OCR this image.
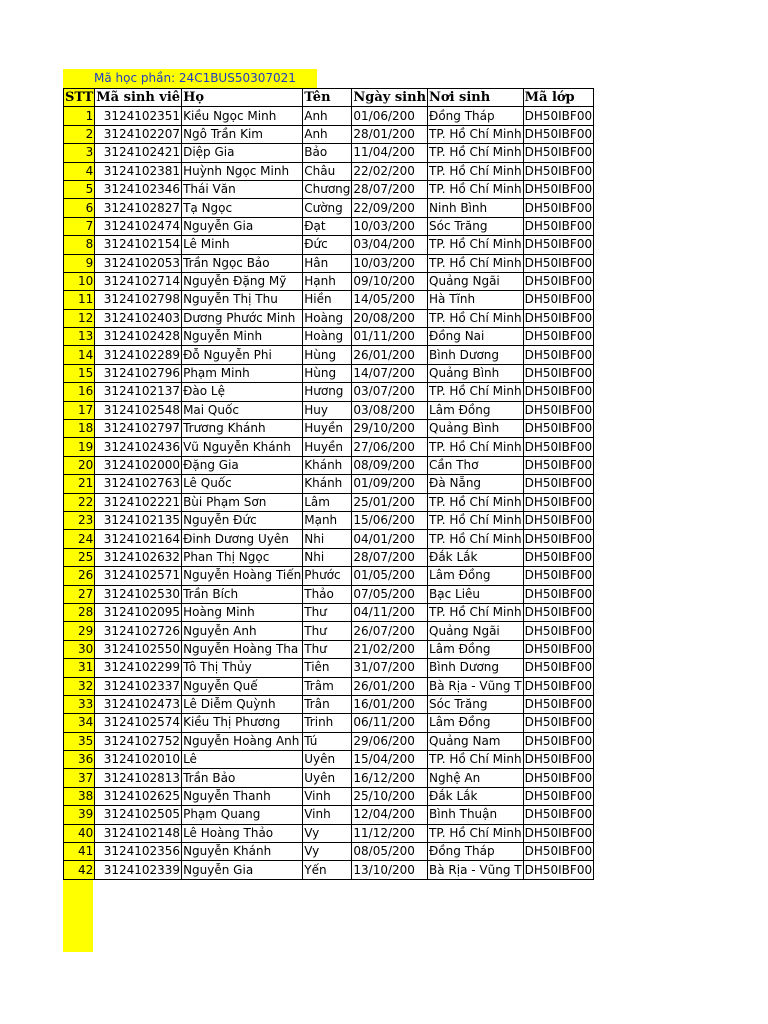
Mã học phần: 24C1BUS50307021
STT	Mã sinh viê	Họ	Tên	Ngày sinh	Nơi sinh	Mã lớp
1	3124102351	Kiều Ngọc Minh	Anh	01/06/200	Đồng Tháp	DH50IBF00
2	3124102207	Ngô Trần Kim	Anh	28/01/200	TP. Hồ Chí Minh	DH50IBF00
3	3124102421	Diệp Gia	Bảo	11/04/200	TP. Hồ Chí Minh	DH50IBF00
4	3124102381	Huỳnh Ngọc Minh	Châu	22/02/200	TP. Hồ Chí Minh	DH50IBF00
5	3124102346	Thái Văn	Chương	28/07/200	TP. Hồ Chí Minh	DH50IBF00
6	3124102827	Tạ Ngọc	Cường	22/09/200	Ninh Bình	DH50IBF00
7	3124102474	Nguyễn Gia	Đạt	10/03/200	Sóc Trăng	DH50IBF00
8	3124102154	Lê Minh	Đức	03/04/200	TP. Hồ Chí Minh	DH50IBF00
9	3124102053	Trần Ngọc Bảo	Hân	10/03/200	TP. Hồ Chí Minh	DH50IBF00
10	3124102714	Nguyễn Đặng Mỹ	Hạnh	09/10/200	Quảng Ngãi	DH50IBF00
11	3124102798	Nguyễn Thị Thu	Hiền	14/05/200	Hà Tĩnh	DH50IBF00
12	3124102403	Dương Phước Minh	Hoàng	20/08/200	TP. Hồ Chí Minh	DH50IBF00
13	3124102428	Nguyễn Minh	Hoàng	01/11/200	Đồng Nai	DH50IBF00
14	3124102289	Đỗ Nguyễn Phi	Hùng	26/01/200	Bình Dương	DH50IBF00
15	3124102796	Phạm Minh	Hùng	14/07/200	Quảng Bình	DH50IBF00
16	3124102137	Đào Lệ	Hương	03/07/200	TP. Hồ Chí Minh	DH50IBF00
17	3124102548	Mai Quốc	Huy	03/08/200	Lâm Đồng	DH50IBF00
18	3124102797	Trương Khánh	Huyền	29/10/200	Quảng Bình	DH50IBF00
19	3124102436	Vũ Nguyễn Khánh	Huyền	27/06/200	TP. Hồ Chí Minh	DH50IBF00
20	3124102000	Đặng Gia	Khánh	08/09/200	Cần Thơ	DH50IBF00
21	3124102763	Lê Quốc	Khánh	01/09/200	Đà Nẵng	DH50IBF00
22	3124102221	Bùi Phạm Sơn	Lâm	25/01/200	TP. Hồ Chí Minh	DH50IBF00
23	3124102135	Nguyễn Đức	Mạnh	15/06/200	TP. Hồ Chí Minh	DH50IBF00
24	3124102164	Đinh Dương Uyên	Nhi	04/01/200	TP. Hồ Chí Minh	DH50IBF00
25	3124102632	Phan Thị Ngọc	Nhi	28/07/200	Đắk Lắk	DH50IBF00
26	3124102571	Nguyễn Hoàng Tiến	Phước	01/05/200	Lâm Đồng	DH50IBF00
27	3124102530	Trần Bích	Thảo	07/05/200	Bạc Liêu	DH50IBF00
28	3124102095	Hoàng Minh	Thư	04/11/200	TP. Hồ Chí Minh	DH50IBF00
29	3124102726	Nguyễn Anh	Thư	26/07/200	Quảng Ngãi	DH50IBF00
30	3124102550	Nguyễn Hoàng Tha	Thư	21/02/200	Lâm Đồng	DH50IBF00
31	3124102299	Tô Thị Thủy	Tiên	31/07/200	Bình Dương	DH50IBF00
32	3124102337	Nguyễn Quế	Trâm	26/01/200	Bà Rịa - Vũng T	DH50IBF00
33	3124102473	Lê Diễm Quỳnh	Trân	16/01/200	Sóc Trăng	DH50IBF00
34	3124102574	Kiều Thị Phương	Trinh	06/11/200	Lâm Đồng	DH50IBF00
35	3124102752	Nguyễn Hoàng Anh	Tú	29/06/200	Quảng Nam	DH50IBF00
36	3124102010	Lê	Uyên	15/04/200	TP. Hồ Chí Minh	DH50IBF00
37	3124102813	Trần Bảo	Uyên	16/12/200	Nghệ An	DH50IBF00
38	3124102625	Nguyễn Thanh	Vinh	25/10/200	Đắk Lắk	DH50IBF00
39	3124102505	Phạm Quang	Vinh	12/04/200	Bình Thuận	DH50IBF00
40	3124102148	Lê Hoàng Thảo	Vy	11/12/200	TP. Hồ Chí Minh	DH50IBF00
41	3124102356	Nguyễn Khánh	Vy	08/05/200	Đồng Tháp	DH50IBF00
42	3124102339	Nguyễn Gia	Yến	13/10/200	Bà Rịa - Vũng T	DH50IBF00
